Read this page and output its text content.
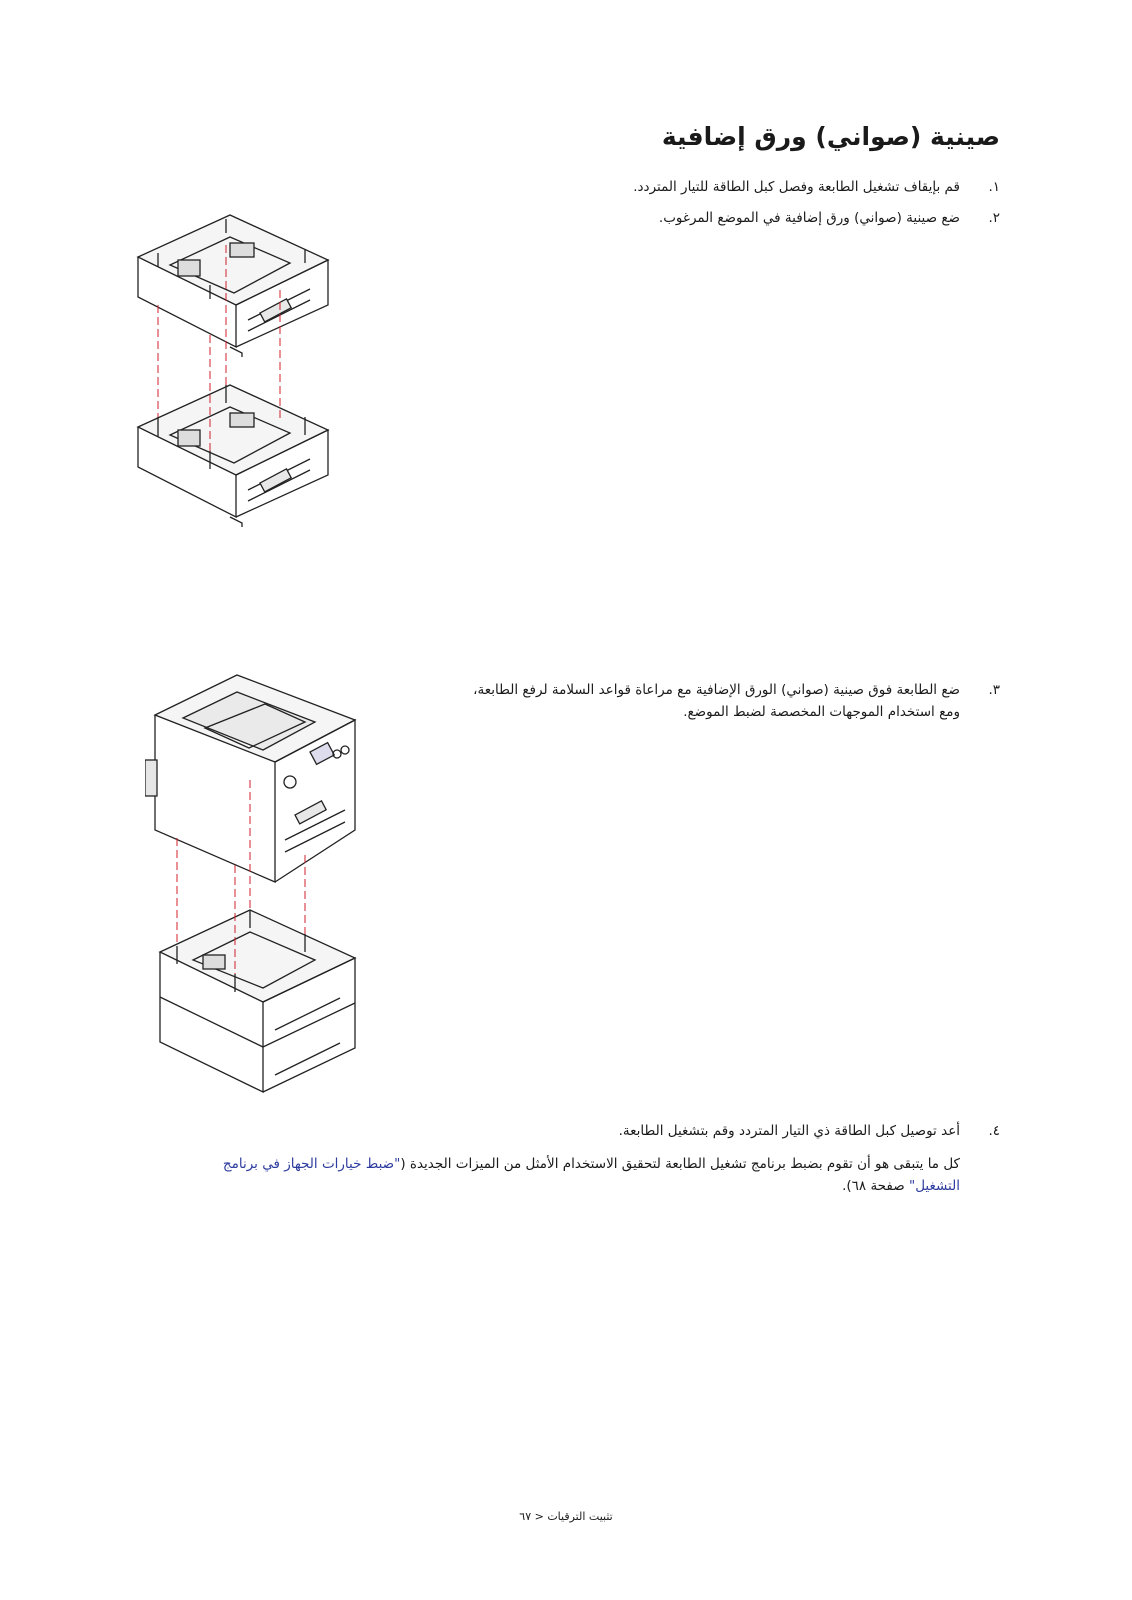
صينية (صواني) ورق إضافية
١.
قم بإيقاف تشغيل الطابعة وفصل كبل الطاقة للتيار المتردد.
٢.
ضع صينية (صواني) ورق إضافية في الموضع المرغوب.
٣.
ضع الطابعة فوق صينية (صواني) الورق الإضافية مع مراعاة قواعد السلامة لرفع الطابعة،
ومع استخدام الموجهات المخصصة لضبط الموضع.
٤.
أعد توصيل كبل الطاقة ذي التيار المتردد وقم بتشغيل الطابعة.
كل ما يتبقى هو أن تقوم بضبط برنامج تشغيل الطابعة لتحقيق الاستخدام الأمثل من الميزات الجديدة ("ضبط خيارات الجهاز في برنامج التشغيل" صفحة ٦٨).
تثبيت الترقيات < ٦٧
